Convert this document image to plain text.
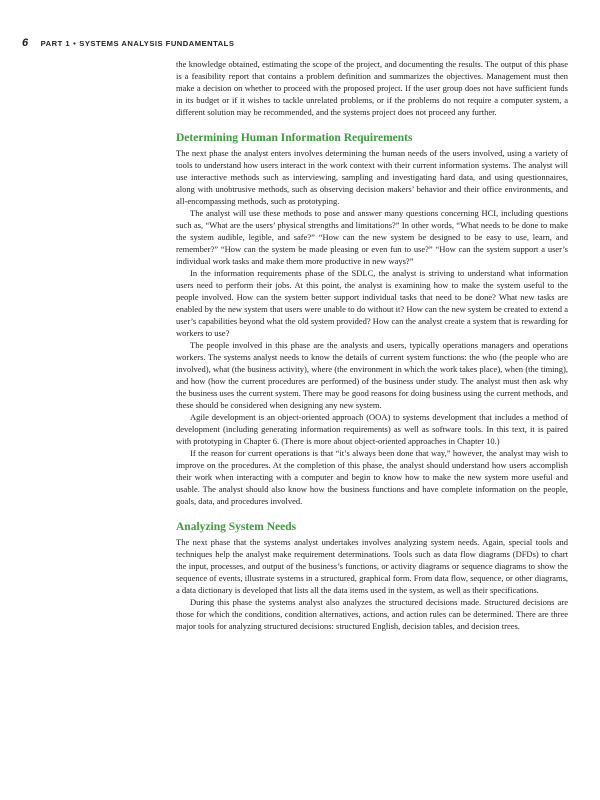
6 PART 1 • SYSTEMS ANALYSIS FUNDAMENTALS

the knowledge obtained, estimating the scope of the project, and documenting the results. The output of this phase is a feasibility report that contains a problem definition and summarizes the objectives. Management must then make a decision on whether to proceed with the proposed project. If the user group does not have sufficient funds in its budget or if it wishes to tackle unrelated problems, or if the problems do not require a computer system, a different solution may be recommended, and the systems project does not proceed any further.

Determining Human Information Requirements

The next phase the analyst enters involves determining the human needs of the users involved, using a variety of tools to understand how users interact in the work context with their current information systems. The analyst will use interactive methods such as interviewing, sampling and investigating hard data, and using questionnaires, along with unobtrusive methods, such as observing decision makers’ behavior and their office environments, and all-encompassing methods, such as prototyping.

The analyst will use these methods to pose and answer many questions concerning HCI, including questions such as, “What are the users’ physical strengths and limitations?” In other words, “What needs to be done to make the system audible, legible, and safe?” “How can the new system be designed to be easy to use, learn, and remember?” “How can the system be made pleasing or even fun to use?” “How can the system support a user’s individual work tasks and make them more productive in new ways?”

In the information requirements phase of the SDLC, the analyst is striving to understand what information users need to perform their jobs. At this point, the analyst is examining how to make the system useful to the people involved. How can the system better support individual tasks that need to be done? What new tasks are enabled by the new system that users were unable to do without it? How can the new system be created to extend a user’s capabilities beyond what the old system provided? How can the analyst create a system that is rewarding for workers to use?

The people involved in this phase are the analysts and users, typically operations managers and operations workers. The systems analyst needs to know the details of current system functions: the who (the people who are involved), what (the business activity), where (the environment in which the work takes place), when (the timing), and how (how the current procedures are performed) of the business under study. The analyst must then ask why the business uses the current system. There may be good reasons for doing business using the current methods, and these should be considered when designing any new system.

Agile development is an object-oriented approach (OOA) to systems development that includes a method of development (including generating information requirements) as well as software tools. In this text, it is paired with prototyping in Chapter 6. (There is more about object-oriented approaches in Chapter 10.)

If the reason for current operations is that “it’s always been done that way,” however, the analyst may wish to improve on the procedures. At the completion of this phase, the analyst should understand how users accomplish their work when interacting with a computer and begin to know how to make the new system more useful and usable. The analyst should also know how the business functions and have complete information on the people, goals, data, and procedures involved.

Analyzing System Needs

The next phase that the systems analyst undertakes involves analyzing system needs. Again, special tools and techniques help the analyst make requirement determinations. Tools such as data flow diagrams (DFDs) to chart the input, processes, and output of the business’s functions, or activity diagrams or sequence diagrams to show the sequence of events, illustrate systems in a structured, graphical form. From data flow, sequence, or other diagrams, a data dictionary is developed that lists all the data items used in the system, as well as their specifications.

During this phase the systems analyst also analyzes the structured decisions made. Structured decisions are those for which the conditions, condition alternatives, actions, and action rules can be determined. There are three major tools for analyzing structured decisions: structured English, decision tables, and decision trees.
